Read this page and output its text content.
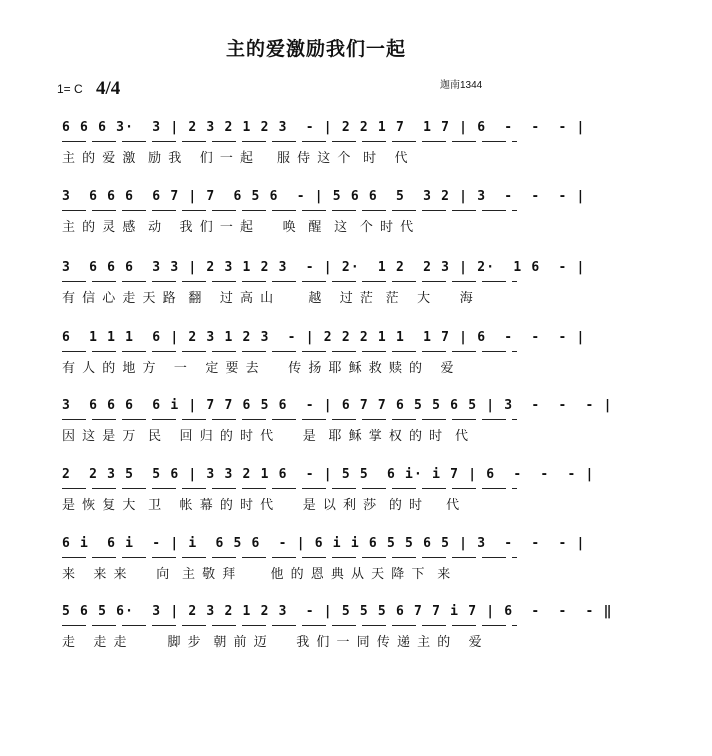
主的爱激励我们一起
1= C 4/4	迦南1344
6 6 6 3·  3 | 2 3 2 1 2 3  - | 2 2 1 7  1 7 | 6  -  -  - |
主 的 爱 激  励 我   们 一 起    服 侍 这 个  时   代
3  6 6 6  6 7 | 7  6 5 6  - | 5 6 6  5  3 2 | 3  -  -  - |
主 的 灵 感  动   我 们 一 起     唤  醒  这  个 时 代
3  6 6 6  3 3 | 2 3 1 2 3  - | 2·  1 2  2 3 | 2·  1 6  - |
有 信 心 走 天 路  翻   过 高 山      越   过 茫  茫   大     海
6  1 1 1  6 | 2 3 1 2 3  - | 2 2 2 1 1  1 7 | 6  -  -  - |
有 人 的 地 方   一   定 要 去     传 扬 耶 稣 救 赎 的   爱
3  6 6 6  6 i | 7 7 6 5 6  - | 6 7 7 6 5 5 6 5 | 3  -  -  - |
因 这 是 万  民   回 归 的 时 代     是  耶 稣 掌 权 的 时  代
2  2 3 5  5 6 | 3 3 2 1 6  - | 5 5  6 i· i 7 | 6  -  -  - |
是 恢 复 大  卫   帐 幕 的 时 代     是 以 利 莎  的 时    代
6 i  6 i  - | i  6 5 6  - | 6 i i 6 5 5 6 5 | 3  -  -  - |
来   来 来     向  主 敬 拜      他 的 恩 典 从 天 降 下  来
5 6 5 6·  3 | 2 3 2 1 2 3  - | 5 5 5 6 7 7 i 7 | 6  -  -  - ‖
走   走 走       脚 步  朝 前 迈     我 们 一 同 传 递 主 的   爱
